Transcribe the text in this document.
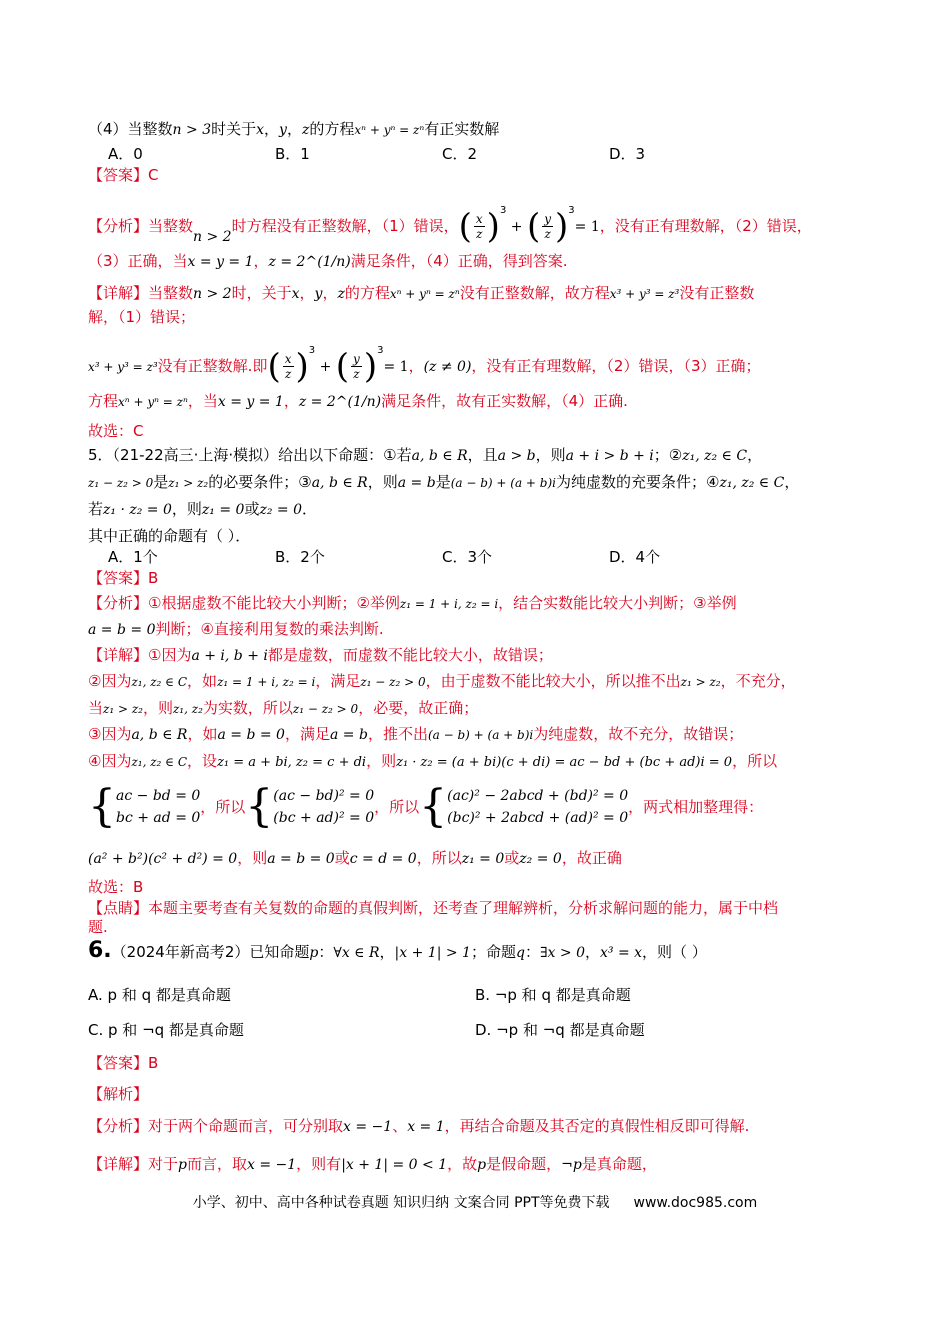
（4）当整数n > 3时关于x，y，z的方程xⁿ + yⁿ = zⁿ有正实数解
A．0	B．1	C．2	D．3
【答案】C
【分析】当整数n > 2时方程没有正整数解，（1）错误，( $\frac{x}{z} )^3$ + ( $\frac{y}{z} )^3= 1$，没有正有理数解，（2）错误，
（3）正确，当x = y = 1，z = 2^(1/n)满足条件，（4）正确，得到答案.
【详解】当整数n > 2时，关于x，y，z的方程xⁿ + yⁿ = zⁿ没有正整数解，故方程x³ + y³ = z³没有正整数
解，（1）错误；
x³ + y³ = z³没有正整数解.即( $\frac{x}{z} )^3$ + ( $\frac{y}{z} )^3= 1$，(z ≠ 0)，没有正有理数解，（2）错误，（3）正确；
方程xⁿ + yⁿ = zⁿ，当x = y = 1，z = 2^(1/n)满足条件，故有正实数解，（4）正确.
故选：C
5．（21-22高三·上海·模拟）给出以下命题：①若a, b ∈ R，且a > b，则a + i > b + i；②z₁, z₂ ∈ C，
z₁ − z₂ > 0是z₁ > z₂的必要条件；③a, b ∈ R，则a = b是(a − b) + (a + b)i为纯虚数的充要条件；④z₁, z₂ ∈ C，
若z₁ · z₂ = 0，则z₁ = 0或z₂ = 0．
其中正确的命题有（ ）．
A．1个	B．2个	C．3个	D．4个
【答案】B
【分析】①根据虚数不能比较大小判断；②举例z₁ = 1 + i, z₂ = i，结合实数能比较大小判断；③举例
a = b = 0判断；④直接利用复数的乘法判断.
【详解】①因为a + i, b + i都是虚数，而虚数不能比较大小，故错误；
②因为z₁, z₂ ∈ C，如z₁ = 1 + i, z₂ = i，满足z₁ − z₂ > 0，由于虚数不能比较大小，所以推不出z₁ > z₂，不充分，
当z₁ > z₂，则z₁, z₂为实数，所以z₁ − z₂ > 0，必要，故正确；
③因为a, b ∈ R，如a = b = 0，满足a = b，推不出(a − b) + (a + b)i为纯虚数，故不充分，故错误；
④因为z₁, z₂ ∈ C，设z₁ = a + bi, z₂ = c + di，则z₁ · z₂ = (a + bi)(c + di) = ac − bd + (bc + ad)i = 0，所以
{ ac − bd = 0
bc + ad = 0
，所以 { (ac − bd)² = 0
(bc + ad)² = 0
，所以 { (ac)² − 2abcd + (bd)² = 0
(bc)² + 2abcd + (ad)² = 0
，两式相加整理得：
(a² + b²)(c² + d²) = 0，则a = b = 0或c = d = 0，所以z₁ = 0或z₂ = 0，故正确
故选：B
【点睛】本题主要考查有关复数的命题的真假判断，还考查了理解辨析，分析求解问题的能力，属于中档
题.
6.（2024年新高考2）已知命题p：∀x ∈ R，|x + 1| > 1；命题q：∃x > 0，x³ = x，则（ ）
A. p 和 q 都是真命题	B. ¬p 和 q 都是真命题
C. p 和 ¬q 都是真命题	D. ¬p 和 ¬q 都是真命题
【答案】B
【解析】
【分析】对于两个命题而言，可分别取x = −1、x = 1，再结合命题及其否定的真假性相反即可得解.
【详解】对于p而言，取x = −1，则有|x + 1| = 0 < 1，故p是假命题，¬p是真命题，
小学、初中、高中各种试卷真题 知识归纳 文案合同 PPT等免费下载 www.doc985.com
